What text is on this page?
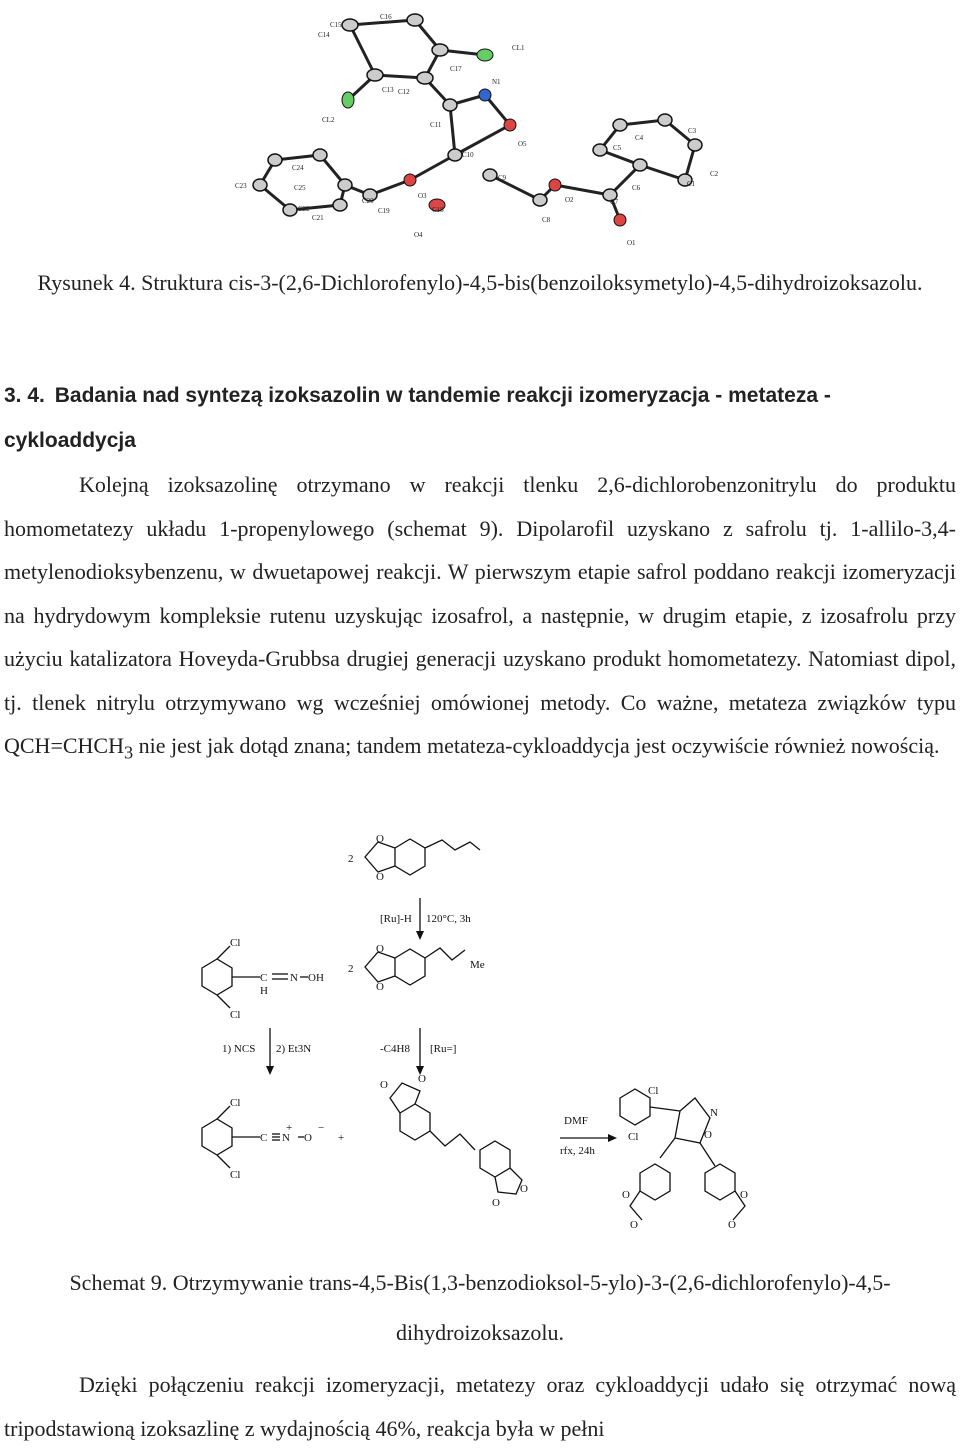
C15
C16
C14
CL1
C17
N1
C13 C12
CL2
C11
O5
C10
C9
O2	C7
O1
C6
C5
C4
C3
C2
C1
C24
C25
C23
C22
C21
C20
C19
O3
C18
O4
C8
Rysunek 4. Struktura cis-3-(2,6-Dichlorofenylo)-4,5-bis(benzoiloksymetylo)-4,5-dihydroizoksazolu.
3. 4. Badania nad syntezą izoksazolin w tandemie reakcji izomeryzacja - metateza - cykloaddycja

Kolejną izoksazolinę otrzymano w reakcji tlenku 2,6-dichlorobenzonitrylu do produktu homometatezy układu 1-propenylowego (schemat 9). Dipolarofil uzyskano z safrolu tj. 1-allilo-3,4-metylenodioksybenzenu, w dwuetapowej reakcji. W pierwszym etapie safrol poddano reakcji izomeryzacji na hydrydowym kompleksie rutenu uzyskując izosafrol, a następnie, w drugim etapie, z izosafrolu przy użyciu katalizatora Hoveyda-Grubbsa drugiej generacji uzyskano produkt homometatezy. Natomiast dipol, tj. tlenek nitrylu otrzymywano wg wcześniej omówionej metody. Co ważne, metateza związków typu $QCH=CHCH_3$ nie jest jak dotąd znana; tandem metateza-cykloaddycja jest oczywiście również nowością.

2
O
O
[Ru]-H 120°C, 3h
2
O
O
Me
Cl
Cl
C N OH
H
1) NCS 2) Et3N	-C4H8 [Ru=]
Cl
Cl
C N
+
O
−
+
O	O
O
O
DMF
rfx, 24h
Cl
Cl
N
O
O
O
O
O
Schemat 9. Otrzymywanie trans-4,5-Bis(1,3-benzodioksol-5-ylo)-3-(2,6-dichlorofenylo)-4,5-dihydroizoksazolu.

Dzięki połączeniu reakcji izomeryzacji, metatezy oraz cykloaddycji udało się otrzymać nową tripodstawioną izoksazlinę z wydajnością 46%, reakcja była w pełni
